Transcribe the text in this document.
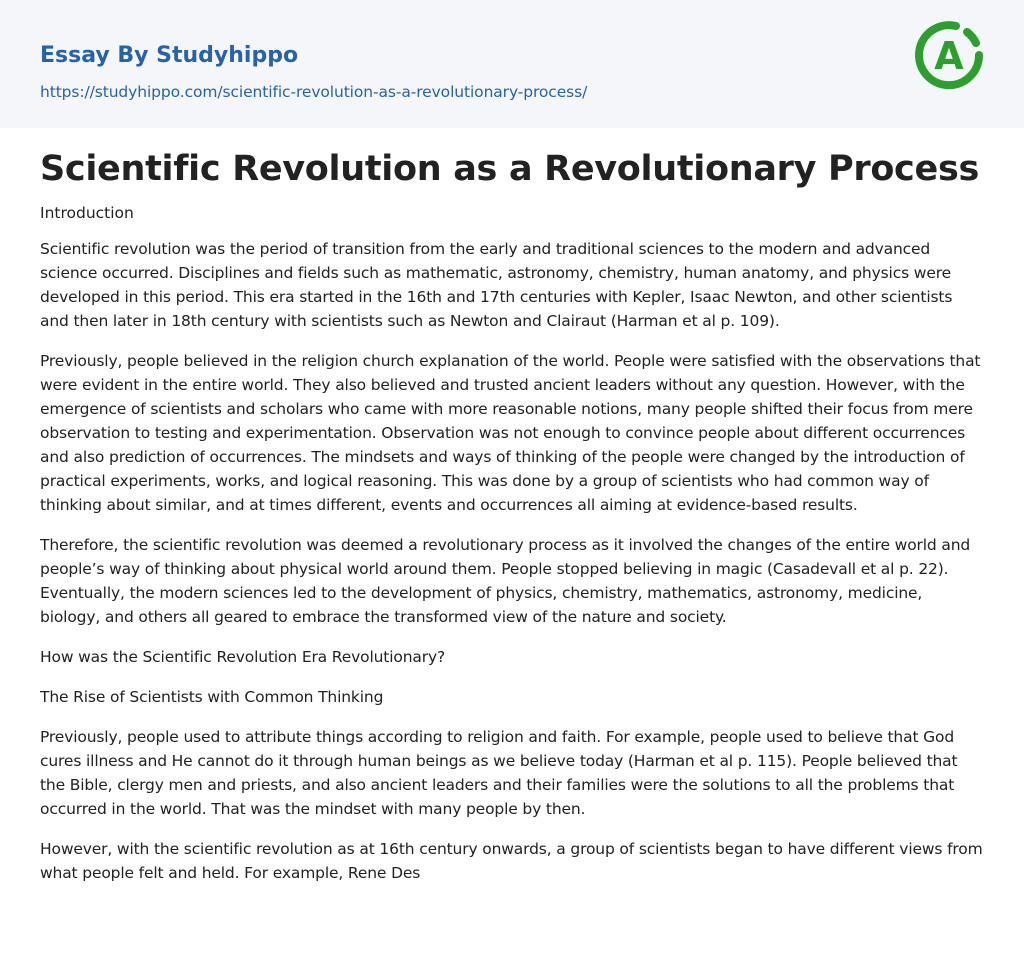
Essay By Studyhippo
https://studyhippo.com/scientific-revolution-as-a-revolutionary-process/
A
Scientific Revolution as a Revolutionary Process
Introduction

Scientific revolution was the period of transition from the early and traditional sciences to the modern and advanced science occurred. Disciplines and fields such as mathematic, astronomy, chemistry, human anatomy, and physics were developed in this period. This era started in the 16th and 17th centuries with Kepler, Isaac Newton, and other scientists and then later in 18th century with scientists such as Newton and Clairaut (Harman et al p. 109).

Previously, people believed in the religion church explanation of the world. People were satisfied with the observations that were evident in the entire world. They also believed and trusted ancient leaders without any question. However, with the emergence of scientists and scholars who came with more reasonable notions, many people shifted their focus from mere observation to testing and experimentation. Observation was not enough to convince people about different occurrences and also prediction of occurrences. The mindsets and ways of thinking of the people were changed by the introduction of practical experiments, works, and logical reasoning. This was done by a group of scientists who had common way of thinking about similar, and at times different, events and occurrences all aiming at evidence-based results.

Therefore, the scientific revolution was deemed a revolutionary process as it involved the changes of the entire world and people’s way of thinking about physical world around them. People stopped believing in magic (Casadevall et al p. 22). Eventually, the modern sciences led to the development of physics, chemistry, mathematics, astronomy, medicine, biology, and others all geared to embrace the transformed view of the nature and society.

How was the Scientific Revolution Era Revolutionary?

The Rise of Scientists with Common Thinking

Previously, people used to attribute things according to religion and faith. For example, people used to believe that God cures illness and He cannot do it through human beings as we believe today (Harman et al p. 115). People believed that the Bible, clergy men and priests, and also ancient leaders and their families were the solutions to all the problems that occurred in the world. That was the mindset with many people by then.

However, with the scientific revolution as at 16th century onwards, a group of scientists began to have different views from what people felt and held. For example, Rene Des
